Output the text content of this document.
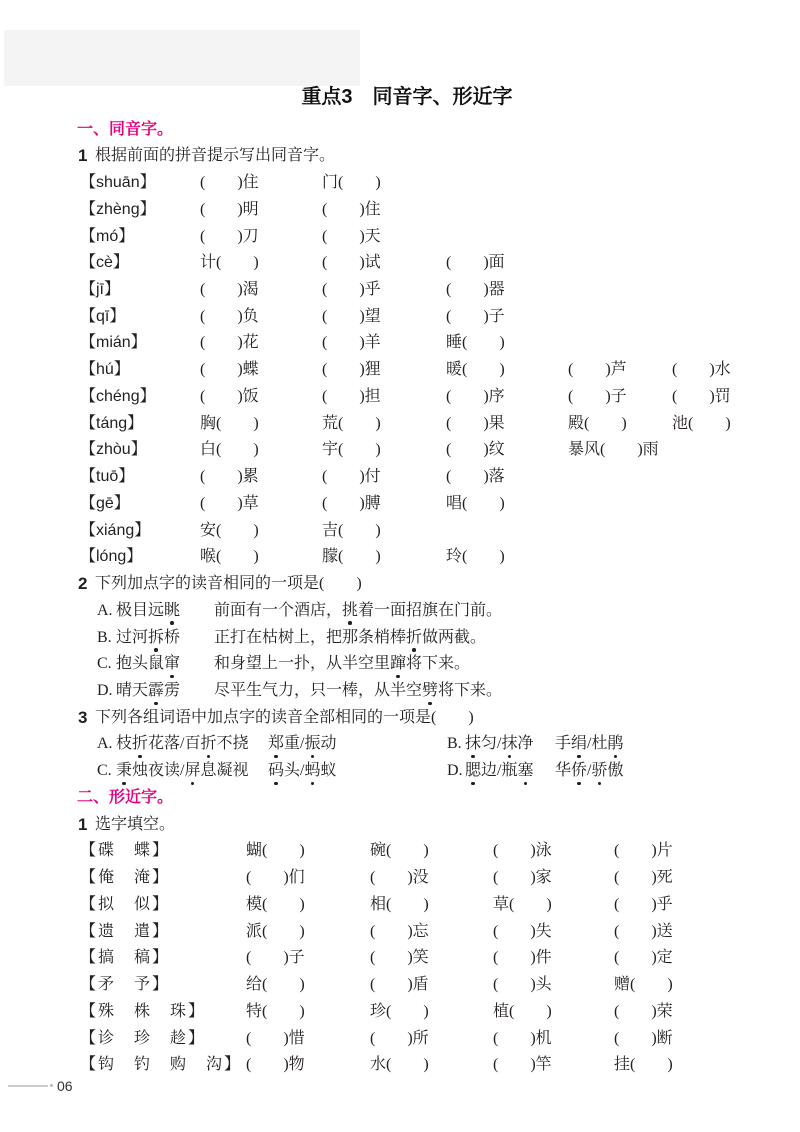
重点3　同音字、形近字
一、同音字。
1 根据前面的拼音提示写出同音字。
【shuān】	(　　)住	门(　　)
【zhèng】	(　　)明	(　　)住
【mó】	(　　)刀	(　　)天
【cè】	计(　　)	(　　)试	(　　)面
【jī】	(　　)渴	(　　)乎	(　　)器
【qī】	(　　)负	(　　)望	(　　)子
【mián】	(　　)花	(　　)羊	睡(　　)
【hú】	(　　)蝶	(　　)狸	暖(　　)	(　　)芦	(　　)水
【chéng】	(　　)饭	(　　)担	(　　)序	(　　)子	(　　)罚
【táng】	胸(　　)	荒(　　)	(　　)果	殿(　　)	池(　　)
【zhòu】	白(　　)	宇(　　)	(　　)纹	暴风(　　)雨
【tuō】	(　　)累	(　　)付	(　　)落
【gē】	(　　)草	(　　)膊	唱(　　)
【xiáng】	安(　　)	吉(　　)
【lóng】	喉(　　)	朦(　　)	玲(　　)
2 下列加点字的读音相同的一项是(　　)
A. 极目远眺 前面有一个酒店，挑着一面招旗在门前。
B. 过河拆桥 正打在枯树上，把那条梢棒折做两截。
C. 抱头鼠窜 和身望上一扑，从半空里蹿将下来。
D. 晴天霹雳 尽平生气力，只一棒，从半空劈将下来。
3 下列各组词语中加点字的读音全部相同的一项是(　　)
A. 枝折花落/百折不挠 郑重/振动	B. 抹匀/抹净 手绢/杜鹃
C. 秉烛夜读/屏息凝视 码头/蚂蚁	D. 腮边/瓶塞 华侨/骄傲
二、形近字。
1 选字填空。
【碟　蝶】	蝴(　　)	碗(　　)	(　　)泳	(　　)片
【俺　淹】	(　　)们	(　　)没	(　　)家	(　　)死
【拟　似】	模(　　)	相(　　)	草(　　)	(　　)乎
【遗　遣】	派(　　)	(　　)忘	(　　)失	(　　)送
【搞　稿】	(　　)子	(　　)笑	(　　)件	(　　)定
【矛　予】	给(　　)	(　　)盾	(　　)头	赠(　　)
【殊　株　珠】 特(　　)	珍(　　)	植(　　)	(　　)荣
【诊　珍　趁】 (　　)惜	(　　)所	(　　)机	(　　)断
【钩　钓　购　沟】 (　　)物	水(　　)	(　　)竿	挂(　　)
06
